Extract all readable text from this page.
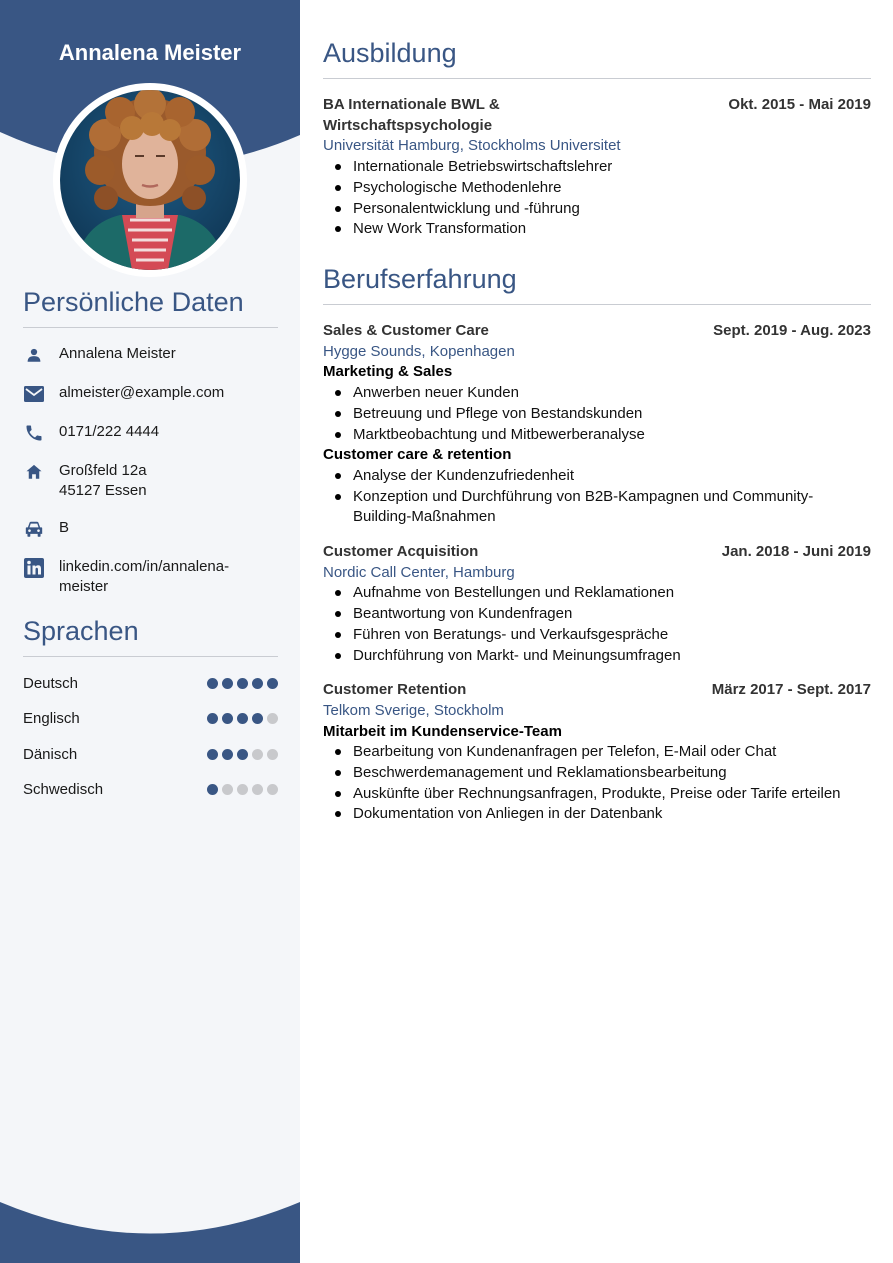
Annalena Meister
Persönliche Daten
Annalena Meister
almeister@example.com
0171/222 4444
Großfeld 12a
45127 Essen
B
linkedin.com/in/annalena-
meister
Sprachen
Deutsch
Englisch
Dänisch
Schwedisch
Ausbildung
BA Internationale BWL &
Wirtschaftspsychologie
Okt. 2015 - Mai 2019
Universität Hamburg, Stockholms Universitet
Internationale Betriebswirtschaftslehrer
Psychologische Methodenlehre
Personalentwicklung und -führung
New Work Transformation
Berufserfahrung
Sales & Customer Care	Sept. 2019 - Aug. 2023
Hygge Sounds, Kopenhagen
Marketing & Sales
Anwerben neuer Kunden
Betreuung und Pflege von Bestandskunden
Marktbeobachtung und Mitbewerberanalyse
Customer care & retention
Analyse der Kundenzufriedenheit
Konzeption und Durchführung von B2B-Kampagnen und Community-Building-Maßnahmen
Customer Acquisition	Jan. 2018 - Juni 2019
Nordic Call Center, Hamburg
Aufnahme von Bestellungen und Reklamationen
Beantwortung von Kundenfragen
Führen von Beratungs- und Verkaufsgespräche
Durchführung von Markt- und Meinungsumfragen
Customer Retention	März 2017 - Sept. 2017
Telkom Sverige, Stockholm
Mitarbeit im Kundenservice-Team
Bearbeitung von Kundenanfragen per Telefon, E-Mail oder Chat
Beschwerdemanagement und Reklamationsbearbeitung
Auskünfte über Rechnungsanfragen, Produkte, Preise oder Tarife erteilen
Dokumentation von Anliegen in der Datenbank
